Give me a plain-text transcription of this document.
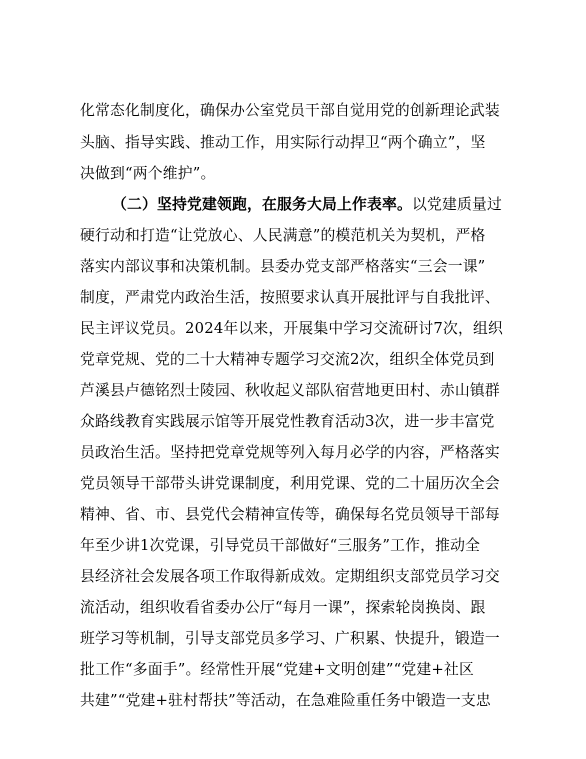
化常态化制度化，确保办公室党员干部自觉用党的创新理论武装
头脑、指导实践、推动工作，用实际行动捍卫“两个确立”，坚
决做到“两个维护”。
（二）坚持党建领跑，在服务大局上作表率。以党建质量过
硬行动和打造“让党放心、人民满意”的模范机关为契机，严格
落实内部议事和决策机制。县委办党支部严格落实“三会一课”
制度，严肃党内政治生活，按照要求认真开展批评与自我批评、
民主评议党员。2024年以来，开展集中学习交流研讨7次，组织
党章党规、党的二十大精神专题学习交流2次，组织全体党员到
芦溪县卢德铭烈士陵园、秋收起义部队宿营地更田村、赤山镇群
众路线教育实践展示馆等开展党性教育活动3次，进一步丰富党
员政治生活。坚持把党章党规等列入每月必学的内容，严格落实
党员领导干部带头讲党课制度，利用党课、党的二十届历次全会
精神、省、市、县党代会精神宣传等，确保每名党员领导干部每
年至少讲1次党课，引导党员干部做好“三服务”工作，推动全
县经济社会发展各项工作取得新成效。定期组织支部党员学习交
流活动，组织收看省委办公厅“每月一课”，探索轮岗换岗、跟
班学习等机制，引导支部党员多学习、广积累、快提升，锻造一
批工作“多面手”。经常性开展“党建+文明创建”“党建+社区
共建”“党建+驻村帮扶”等活动，在急难险重任务中锻造一支忠
